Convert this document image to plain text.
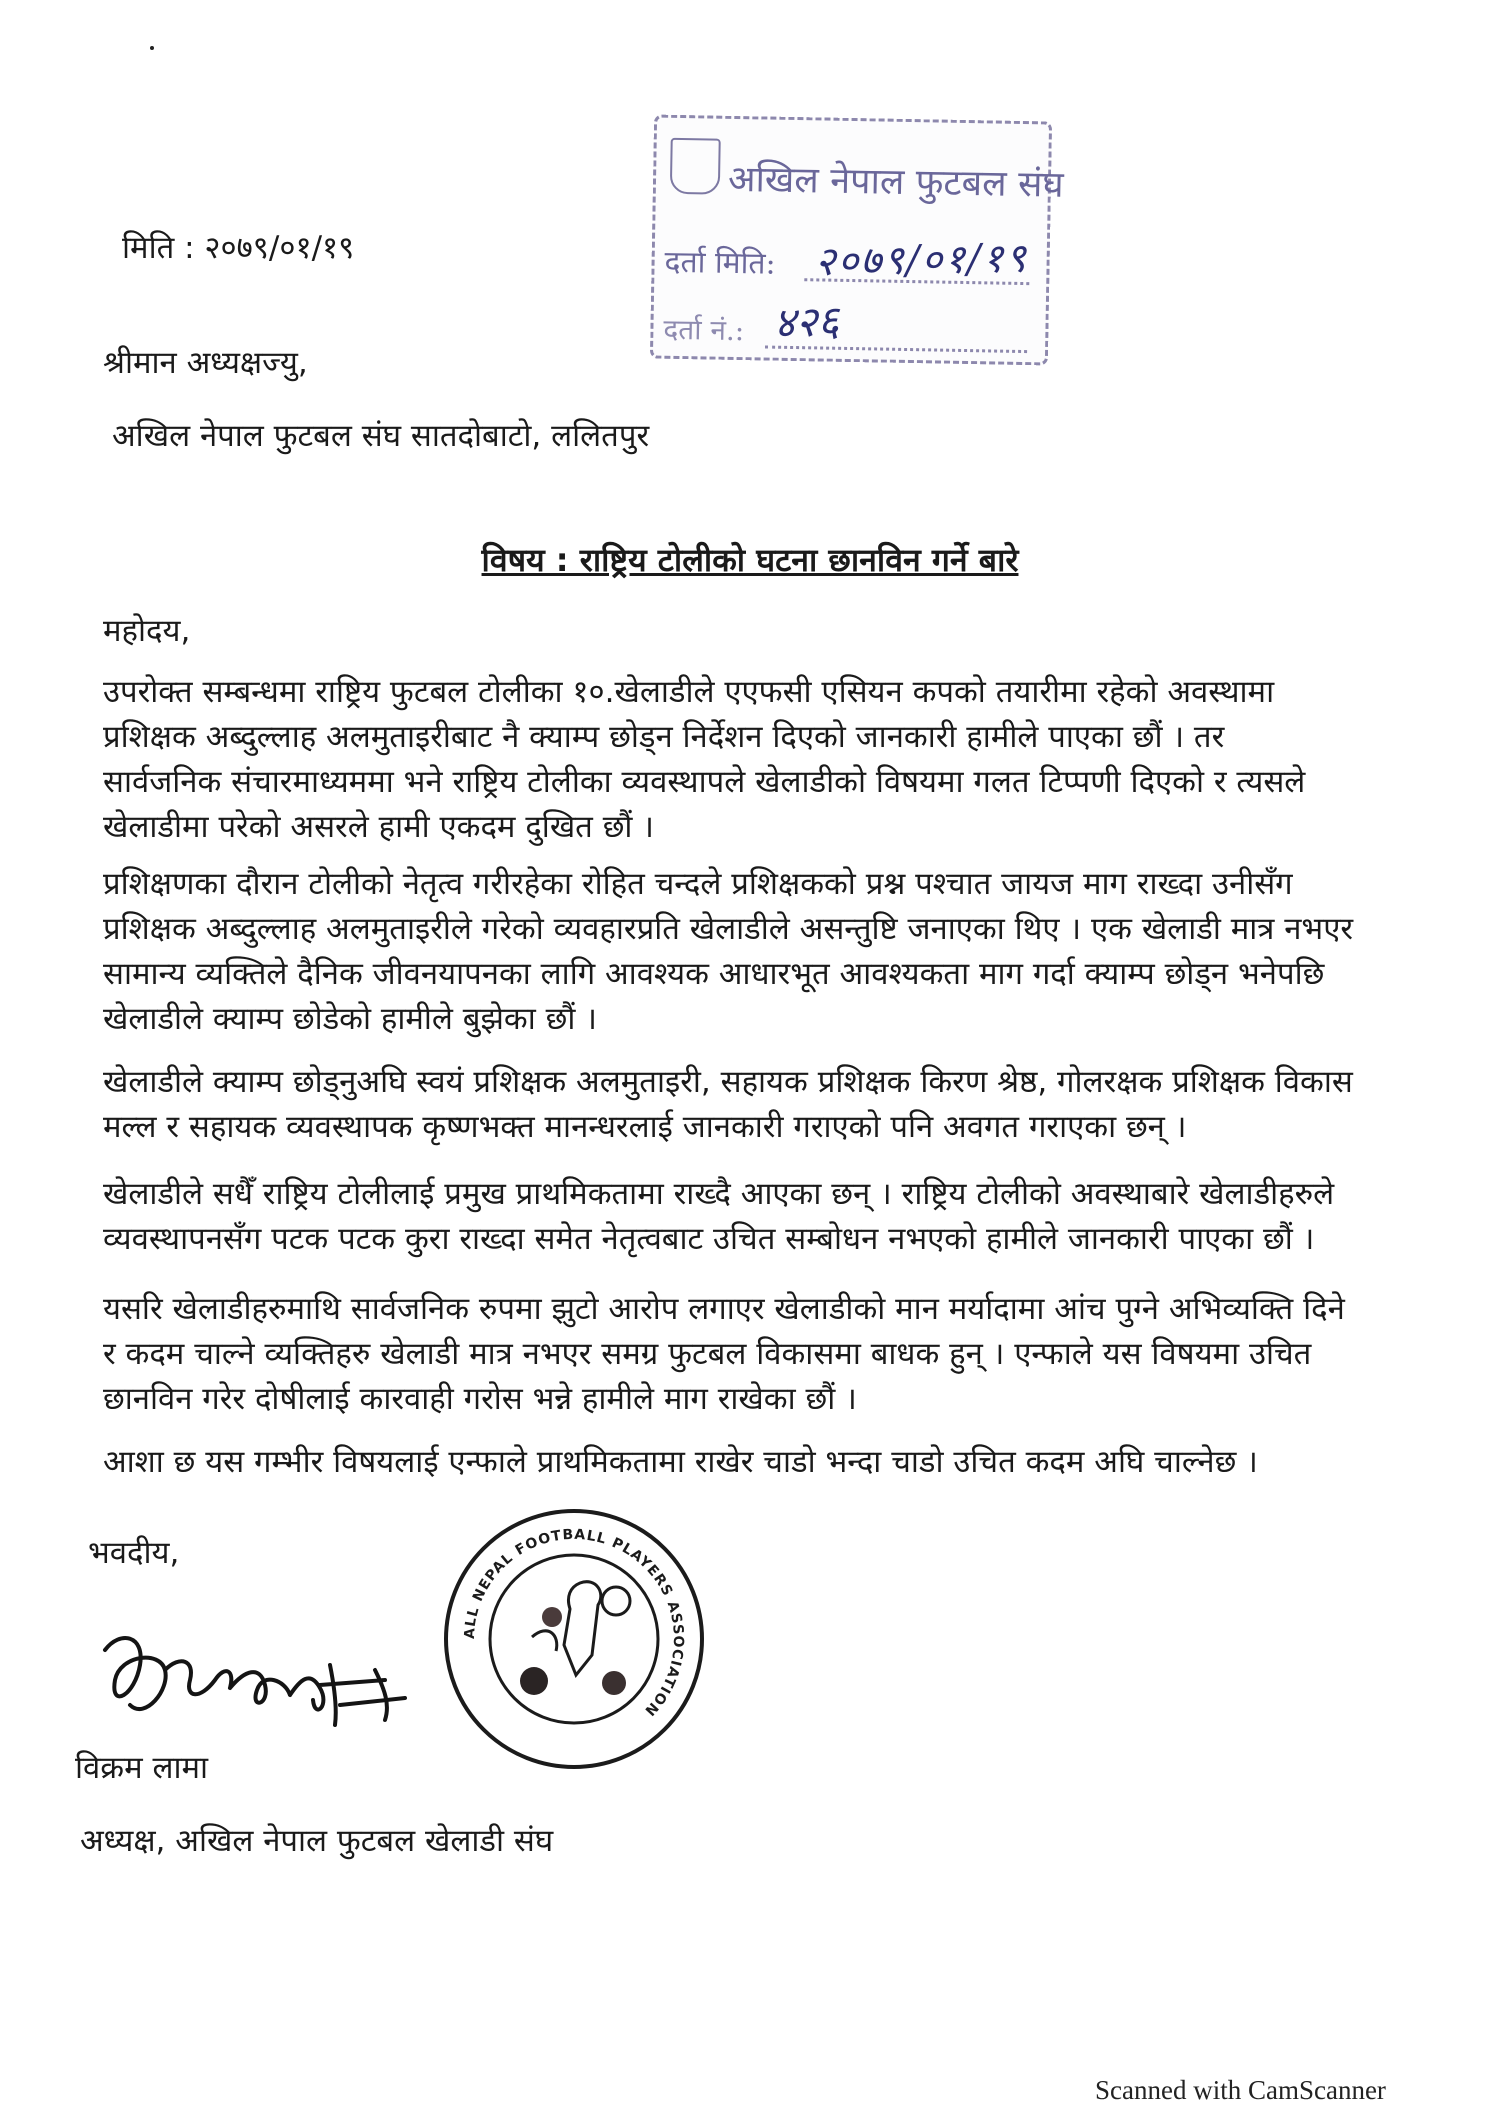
अखिल नेपाल फुटबल संघ
दर्ता मिति: २०७९/०१/१९
दर्ता नं.: ४२६
मिति : २०७९/०१/१९
श्रीमान अध्यक्षज्यु,
अखिल नेपाल फुटबल संघ सातदोबाटो, ललितपुर
विषय : राष्ट्रिय टोलीको घटना छानविन गर्ने बारे
महोदय,
उपरोक्त सम्बन्धमा राष्ट्रिय फुटबल टोलीका १०.खेलाडीले एएफसी एसियन कपको तयारीमा रहेको अवस्थामा
प्रशिक्षक अब्दुल्लाह अलमुताइरीबाट नै क्याम्प छोड्न निर्देशन दिएको जानकारी हामीले पाएका छौं । तर
सार्वजनिक संचारमाध्यममा भने राष्ट्रिय टोलीका व्यवस्थापले खेलाडीको विषयमा गलत टिप्पणी दिएको र त्यसले
खेलाडीमा परेको असरले हामी एकदम दुखित छौं ।
प्रशिक्षणका दौरान टोलीको नेतृत्व गरीरहेका रोहित चन्दले प्रशिक्षकको प्रश्न पश्चात जायज माग राख्दा उनीसँग
प्रशिक्षक अब्दुल्लाह अलमुताइरीले गरेको व्यवहारप्रति खेलाडीले असन्तुष्टि जनाएका थिए । एक खेलाडी मात्र नभएर
सामान्य व्यक्तिले दैनिक जीवनयापनका लागि आवश्यक आधारभूत आवश्यकता माग गर्दा क्याम्प छोड्न भनेपछि
खेलाडीले क्याम्प छोडेको हामीले बुझेका छौं ।
खेलाडीले क्याम्प छोड्नुअघि स्वयं प्रशिक्षक अलमुताइरी, सहायक प्रशिक्षक किरण श्रेष्ठ, गोलरक्षक प्रशिक्षक विकास
मल्ल र सहायक व्यवस्थापक कृष्णभक्त मानन्धरलाई जानकारी गराएको पनि अवगत गराएका छन् ।
खेलाडीले सधैँ राष्ट्रिय टोलीलाई प्रमुख प्राथमिकतामा राख्दै आएका छन् । राष्ट्रिय टोलीको अवस्थाबारे खेलाडीहरुले
व्यवस्थापनसँग पटक पटक कुरा राख्दा समेत नेतृत्वबाट उचित सम्बोधन नभएको हामीले जानकारी पाएका छौं ।
यसरि खेलाडीहरुमाथि सार्वजनिक रुपमा झुटो आरोप लगाएर खेलाडीको मान मर्यादामा आंच पुग्ने अभिव्यक्ति दिने
र कदम चाल्ने व्यक्तिहरु खेलाडी मात्र नभएर समग्र फुटबल विकासमा बाधक हुन् । एन्फाले यस विषयमा उचित
छानविन गरेर दोषीलाई कारवाही गरोस भन्ने हामीले माग राखेका छौं ।
आशा छ यस गम्भीर विषयलाई एन्फाले प्राथमिकतामा राखेर चाडो भन्दा चाडो उचित कदम अघि चाल्नेछ ।
भवदीय,
ALL NEPAL FOOTBALL PLAYERS ASSOCIATION
विक्रम लामा
अध्यक्ष, अखिल नेपाल फुटबल खेलाडी संघ
Scanned with CamScanner
